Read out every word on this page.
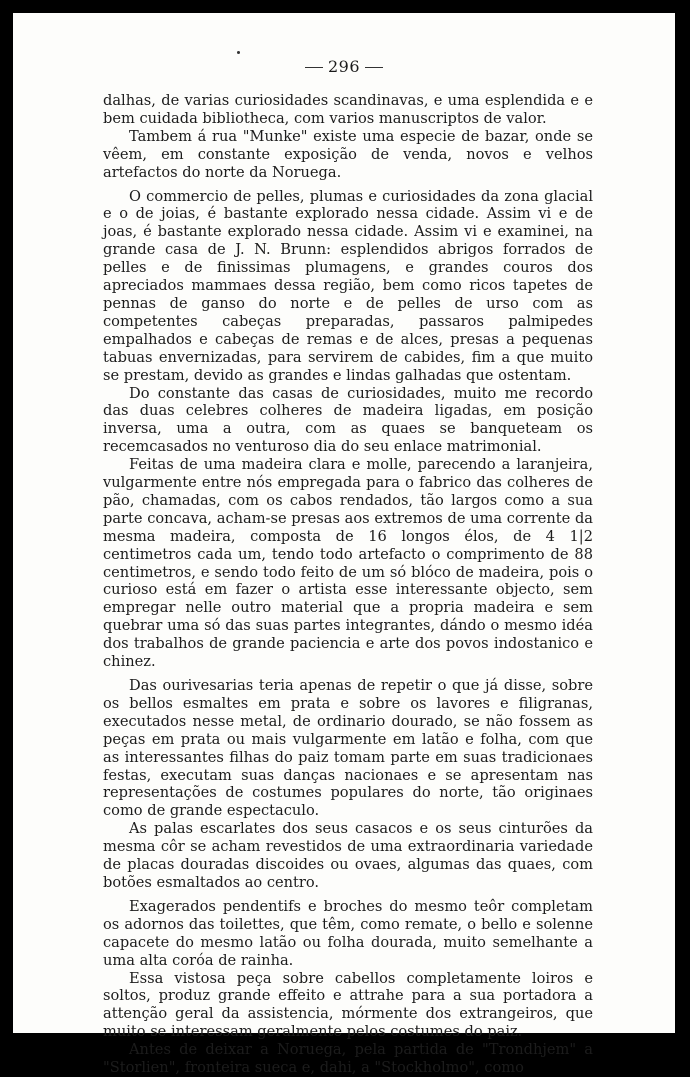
296

dalhas, de varias curiosidades scandinavas, e uma esplendida e e bem cuidada bibliotheca, com varios manuscriptos de valor.

Tambem á rua "Munke" existe uma especie de bazar, onde se vêem, em constante exposição de venda, novos e velhos artefactos do norte da Noruega.

O commercio de pelles, plumas e curiosidades da zona glacial e o de joias, é bastante explorado nessa cidade. Assim vi e de joas, é bastante explorado nessa cidade. Assim vi e examinei, na grande casa de J. N. Brunn: esplendidos abrigos forrados de pelles e de finissimas plumagens, e grandes couros dos apreciados mammaes dessa região, bem como ricos tapetes de pennas de ganso do norte e de pelles de urso com as competentes cabeças preparadas, passaros palmipedes empalhados e cabeças de remas e de alces, presas a pequenas tabuas envernizadas, para servirem de cabides, fim a que muito se prestam, devido as grandes e lindas galhadas que ostentam.

Do constante das casas de curiosidades, muito me recordo das duas celebres colheres de madeira ligadas, em posição inversa, uma a outra, com as quaes se banqueteam os recemcasados no venturoso dia do seu enlace matrimonial.

Feitas de uma madeira clara e molle, parecendo a laranjeira, vulgarmente entre nós empregada para o fabrico das colheres de pão, chamadas, com os cabos rendados, tão largos como a sua parte concava, acham-se presas aos extremos de uma corrente da mesma madeira, composta de 16 longos élos, de 4 1|2 centimetros cada um, tendo todo artefacto o comprimento de 88 centimetros, e sendo todo feito de um só blóco de madeira, pois o curioso está em fazer o artista esse interessante objecto, sem empregar nelle outro material que a propria madeira e sem quebrar uma só das suas partes integrantes, dándo o mesmo idéa dos trabalhos de grande paciencia e arte dos povos indostanico e chinez.

Das ourivesarias teria apenas de repetir o que já disse, sobre os bellos esmaltes em prata e sobre os lavores e filigranas, executados nesse metal, de ordinario dourado, se não fossem as peças em prata ou mais vulgarmente em latão e folha, com que as interessantes filhas do paiz tomam parte em suas tradicionaes festas, executam suas danças nacionaes e se apresentam nas representações de costumes populares do norte, tão originaes como de grande espectaculo.

As palas escarlates dos seus casacos e os seus cinturões da mesma côr se acham revestidos de uma extraordinaria variedade de placas douradas discoides ou ovaes, algumas das quaes, com botões esmaltados ao centro.

Exagerados pendentifs e broches do mesmo teôr completam os adornos das toilettes, que têm, como remate, o bello e solenne capacete do mesmo latão ou folha dourada, muito semelhante a uma alta coróa de rainha.

Essa vistosa peça sobre cabellos completamente loiros e soltos, produz grande effeito e attrahe para a sua portadora a attenção geral da assistencia, mórmente dos extrangeiros, que muito se interessam geralmente pelos costumes do paiz.

Antes de deixar a Noruega, pela partida de "Trondhjem" a "Storlien", fronteira sueca e, dahi, a "Stockholmo", como
